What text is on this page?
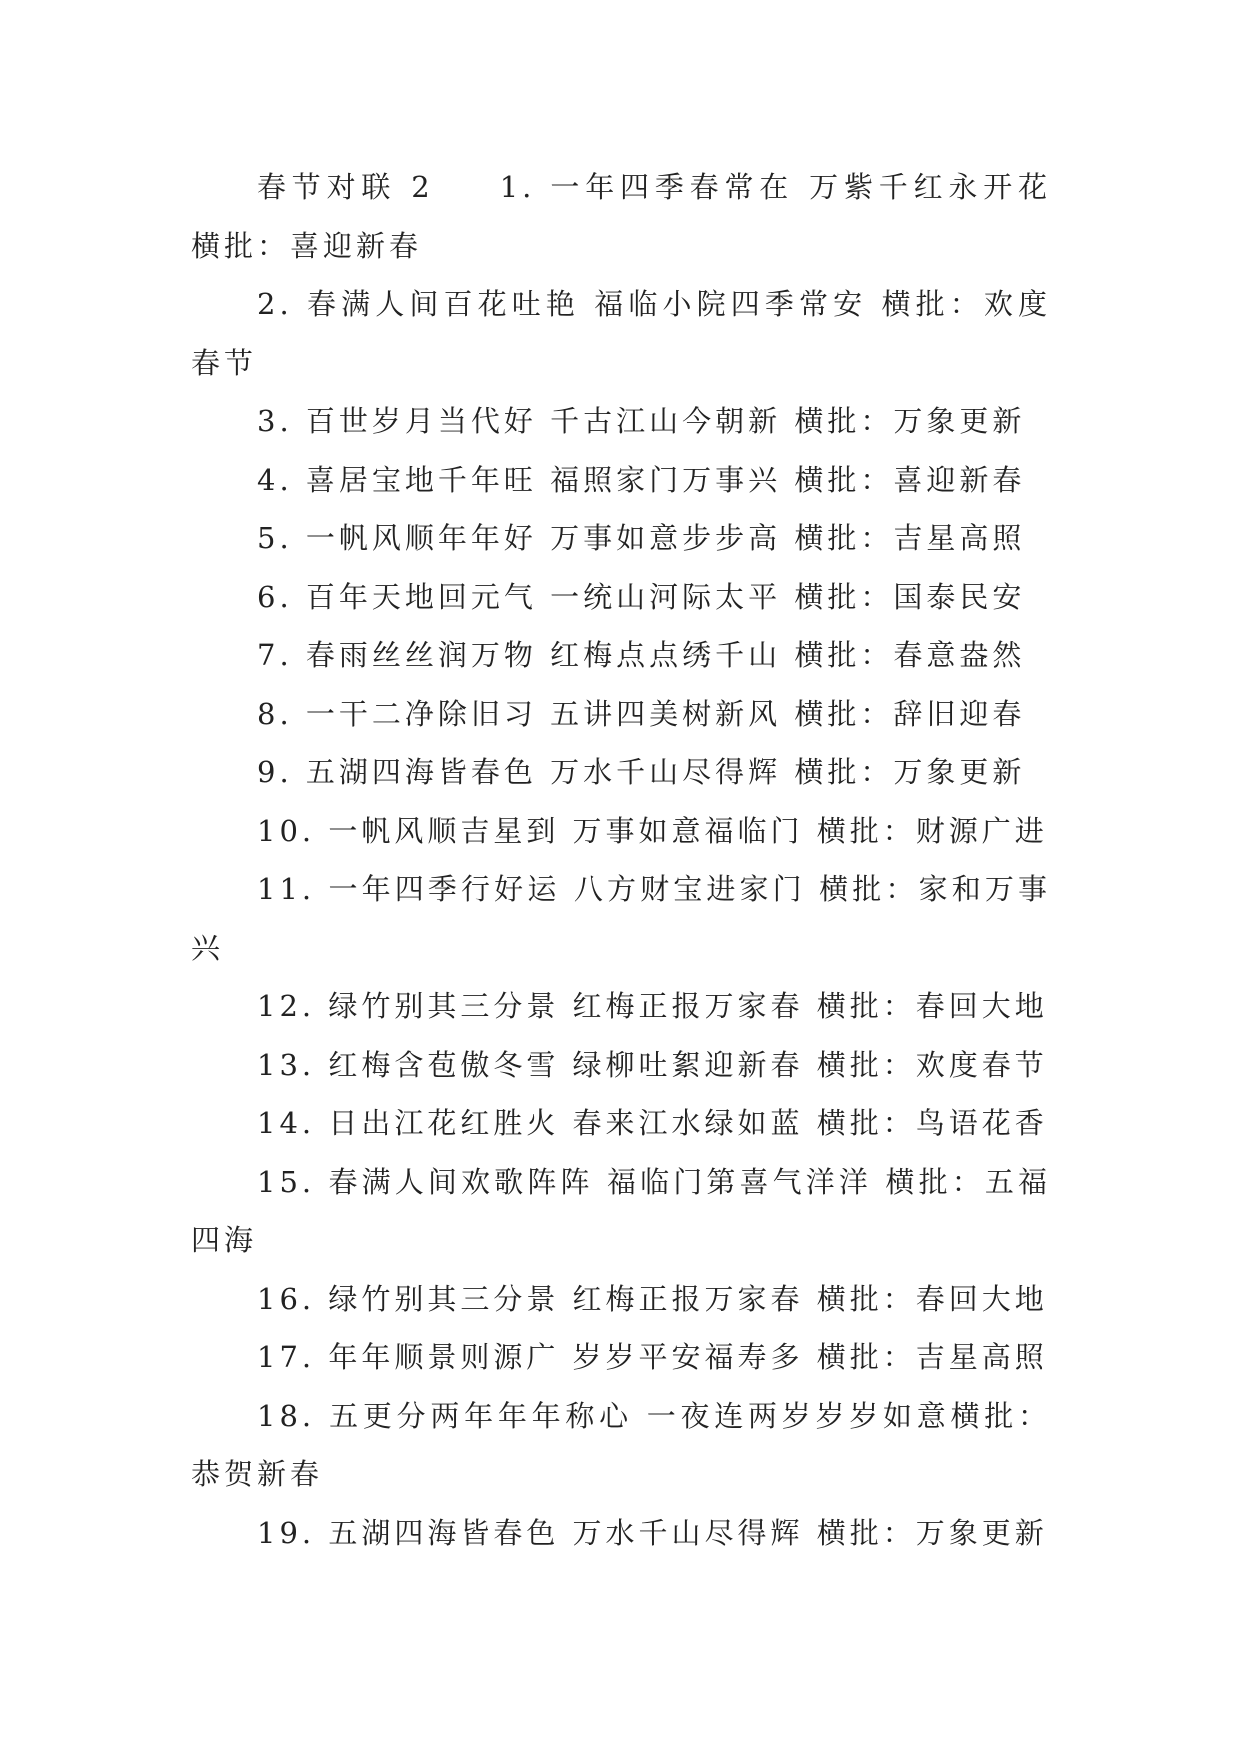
春节对联 2 1. 一年四季春常在 万紫千红永开花 横批：喜迎新春

2. 春满人间百花吐艳 福临小院四季常安 横批：欢度春节

3. 百世岁月当代好 千古江山今朝新 横批：万象更新

4. 喜居宝地千年旺 福照家门万事兴 横批：喜迎新春

5. 一帆风顺年年好 万事如意步步高 横批：吉星高照

6. 百年天地回元气 一统山河际太平 横批：国泰民安

7. 春雨丝丝润万物 红梅点点绣千山 横批：春意盎然

8. 一干二净除旧习 五讲四美树新风 横批：辞旧迎春

9. 五湖四海皆春色 万水千山尽得辉 横批：万象更新

10. 一帆风顺吉星到 万事如意福临门 横批：财源广进

11. 一年四季行好运 八方财宝进家门 横批：家和万事兴

12. 绿竹别其三分景 红梅正报万家春 横批：春回大地

13. 红梅含苞傲冬雪 绿柳吐絮迎新春 横批：欢度春节

14. 日出江花红胜火 春来江水绿如蓝 横批：鸟语花香

15. 春满人间欢歌阵阵 福临门第喜气洋洋 横批：五福四海

16. 绿竹别其三分景 红梅正报万家春 横批：春回大地

17. 年年顺景则源广 岁岁平安福寿多 横批：吉星高照

18. 五更分两年年年称心 一夜连两岁岁岁如意横批：恭贺新春

19. 五湖四海皆春色 万水千山尽得辉 横批：万象更新
